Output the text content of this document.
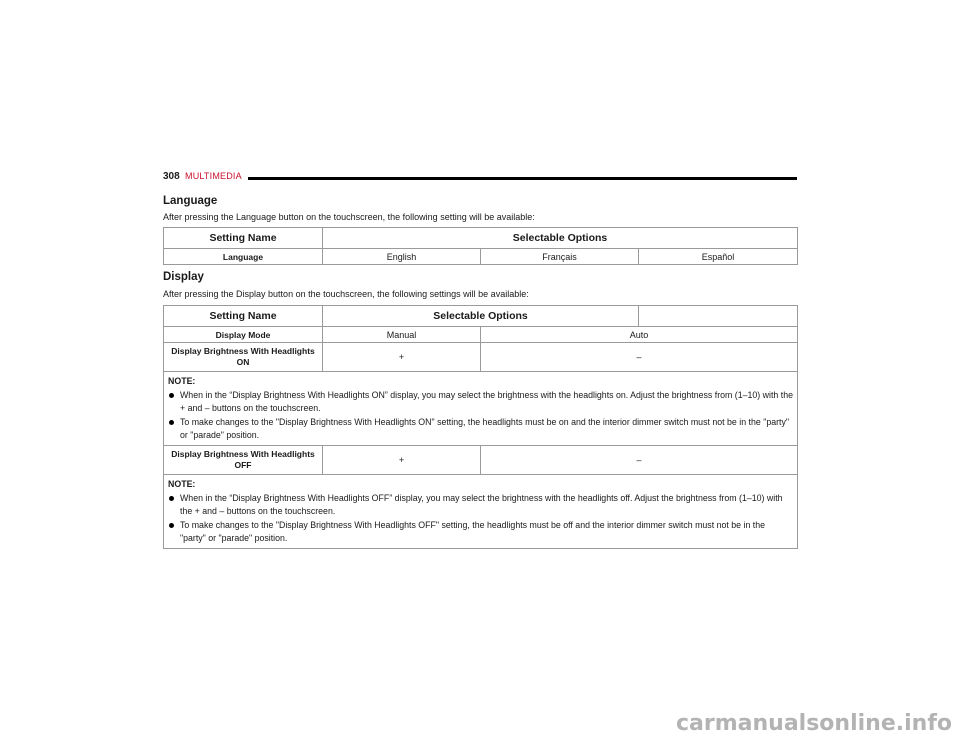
308 MULTIMEDIA
Language

After pressing the Language button on the touchscreen, the following setting will be available:

Setting Name	Selectable Options		
Language	English	Français	Español
Display

After pressing the Display button on the touchscreen, the following settings will be available:

Setting Name	Selectable Options		
Display Mode	Manual	Auto	
Display Brightness With Headlights ON	+	–	

NOTE:
When in the “Display Brightness With Headlights ON” display, you may select the brightness with the headlights on. Adjust the brightness from (1–10) with the + and – buttons on the touchscreen.
To make changes to the "Display Brightness With Headlights ON" setting, the headlights must be on and the interior dimmer switch must not be in the "party" or "parade" position.			

Display Brightness With Headlights OFF	+	–	

NOTE:
When in the “Display Brightness With Headlights OFF” display, you may select the brightness with the headlights off. Adjust the brightness from (1–10) with the + and – buttons on the touchscreen.
To make changes to the "Display Brightness With Headlights OFF" setting, the headlights must be off and the interior dimmer switch must not be in the "party" or "parade" position.			
carmanualsonline.info
